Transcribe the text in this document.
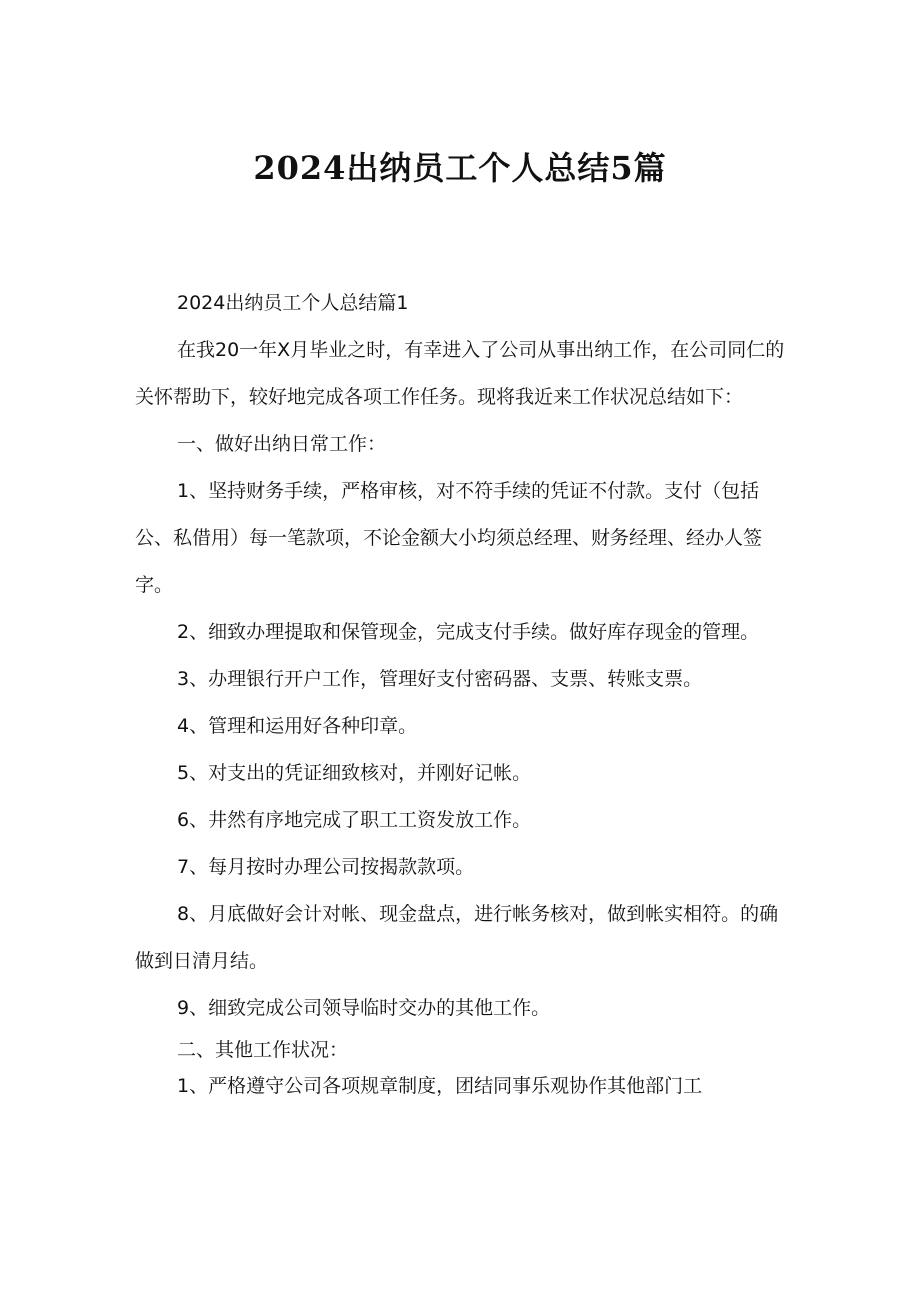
2024出纳员工个人总结5篇

2024出纳员工个人总结篇1

在我20一年X月毕业之时，有幸进入了公司从事出纳工作，在公司同仁的关怀帮助下，较好地完成各项工作任务。现将我近来工作状况总结如下：

一、做好出纳日常工作：

1、坚持财务手续，严格审核，对不符手续的凭证不付款。支付（包括公、私借用）每一笔款项，不论金额大小均须总经理、财务经理、经办人签字。

2、细致办理提取和保管现金，完成支付手续。做好库存现金的管理。

3、办理银行开户工作，管理好支付密码器、支票、转账支票。

4、管理和运用好各种印章。

5、对支出的凭证细致核对，并刚好记帐。

6、井然有序地完成了职工工资发放工作。

7、每月按时办理公司按揭款款项。

8、月底做好会计对帐、现金盘点，进行帐务核对，做到帐实相符。的确做到日清月结。

9、细致完成公司领导临时交办的其他工作。

二、其他工作状况：

1、严格遵守公司各项规章制度，团结同事乐观协作其他部门工
